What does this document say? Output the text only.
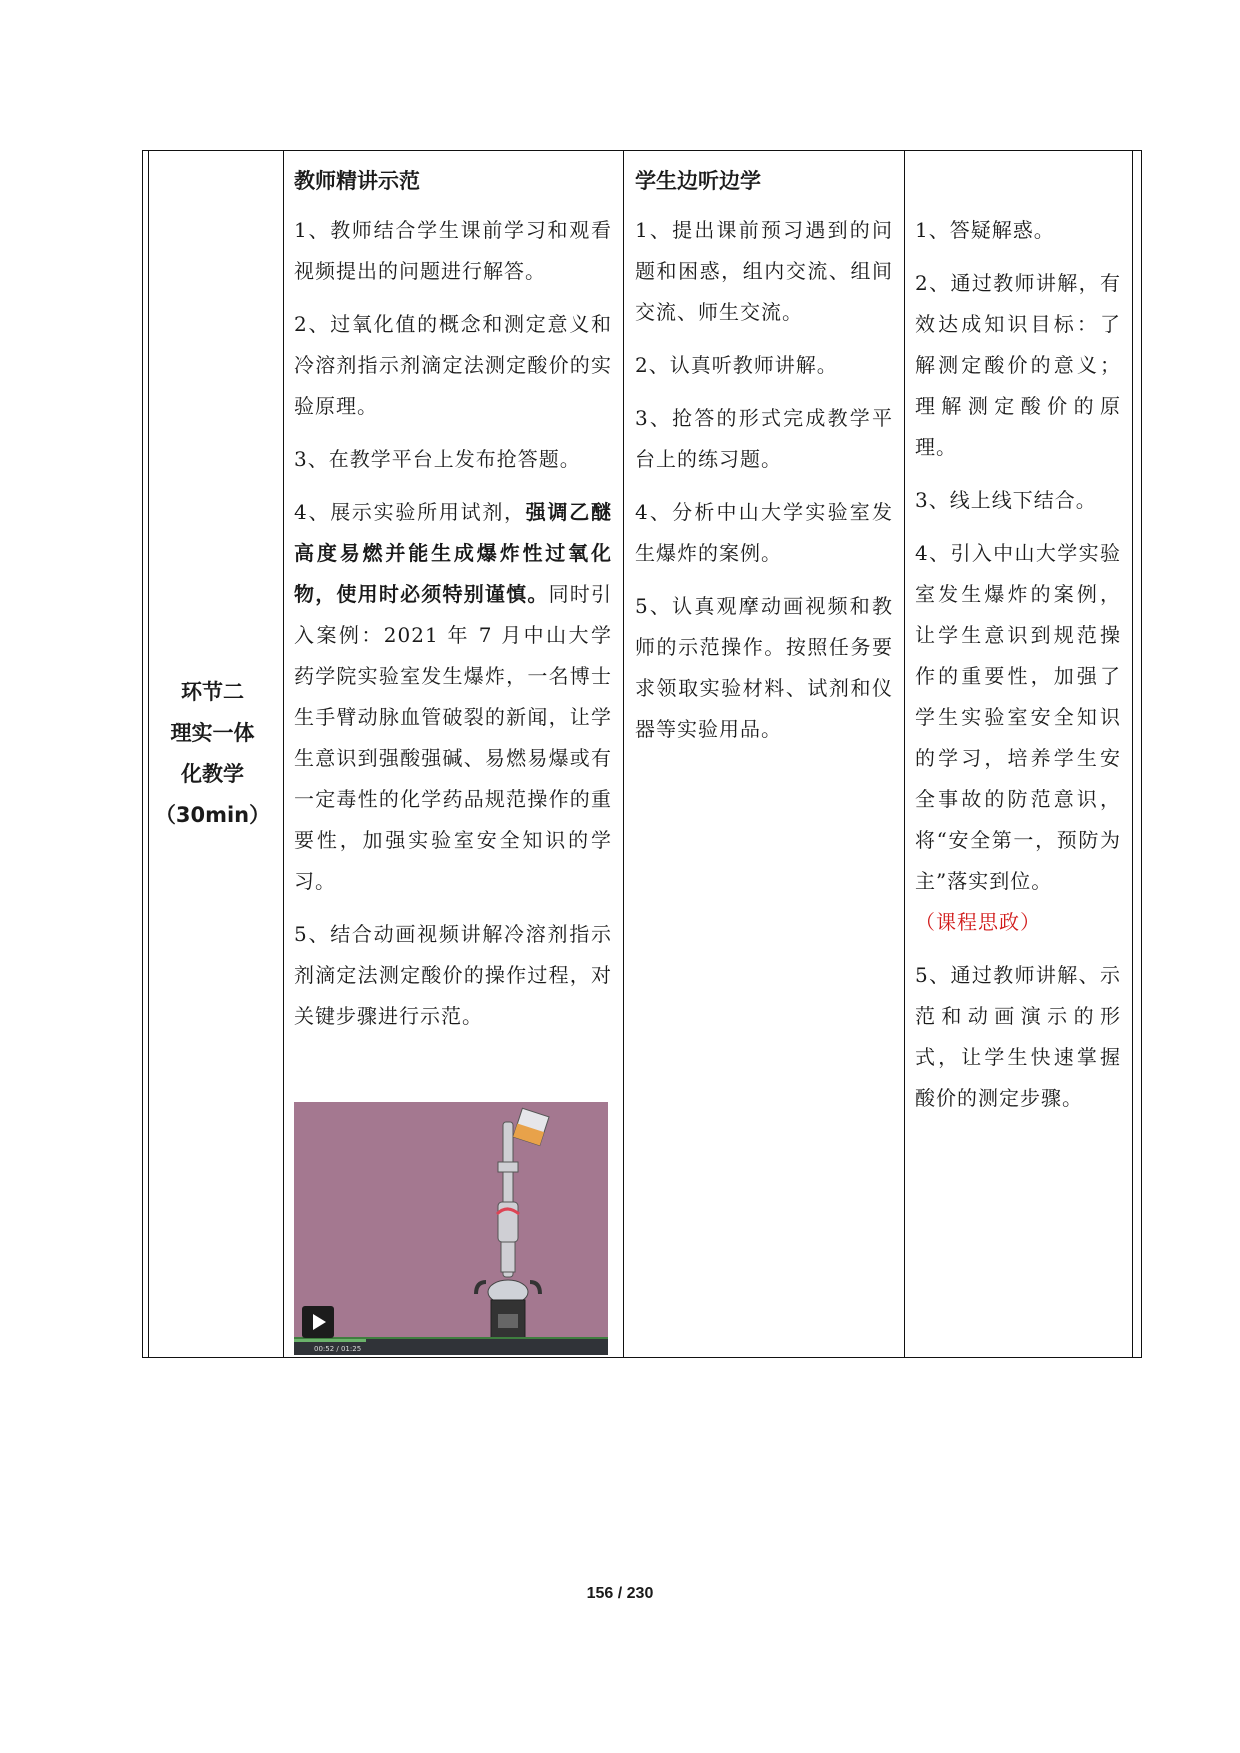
环节二
理实一体
化教学
（30min）
教师精讲示范

1、教师结合学生课前学习和观看视频提出的问题进行解答。

2、过氧化值的概念和测定意义和冷溶剂指示剂滴定法测定酸价的实验原理。

3、在教学平台上发布抢答题。

4、展示实验所用试剂，强调乙醚高度易燃并能生成爆炸性过氧化物，使用时必须特别谨慎。同时引入案例：2021 年 7 月中山大学药学院实验室发生爆炸，一名博士生手臂动脉血管破裂的新闻，让学生意识到强酸强碱、易燃易爆或有一定毒性的化学药品规范操作的重要性，加强实验室安全知识的学习。

5、结合动画视频讲解冷溶剂指示剂滴定法测定酸价的操作过程，对关键步骤进行示范。

学生边听边学

1、提出课前预习遇到的问题和困惑，组内交流、组间交流、师生交流。

2、认真听教师讲解。

3、抢答的形式完成教学平台上的练习题。

4、分析中山大学实验室发生爆炸的案例。

5、认真观摩动画视频和教师的示范操作。按照任务要求领取实验材料、试剂和仪器等实验用品。

1、答疑解惑。

2、通过教师讲解，有效达成知识目标：了解测定酸价的意义；理解测定酸价的原理。

3、线上线下结合。

4、引入中山大学实验室发生爆炸的案例，让学生意识到规范操作的重要性，加强了学生实验室安全知识的学习，培养学生安全事故的防范意识，将“安全第一，预防为主”落实到位。
（课程思政）

5、通过教师讲解、示范和动画演示的形式，让学生快速掌握酸价的测定步骤。

00:52 / 01:25
156 / 230
